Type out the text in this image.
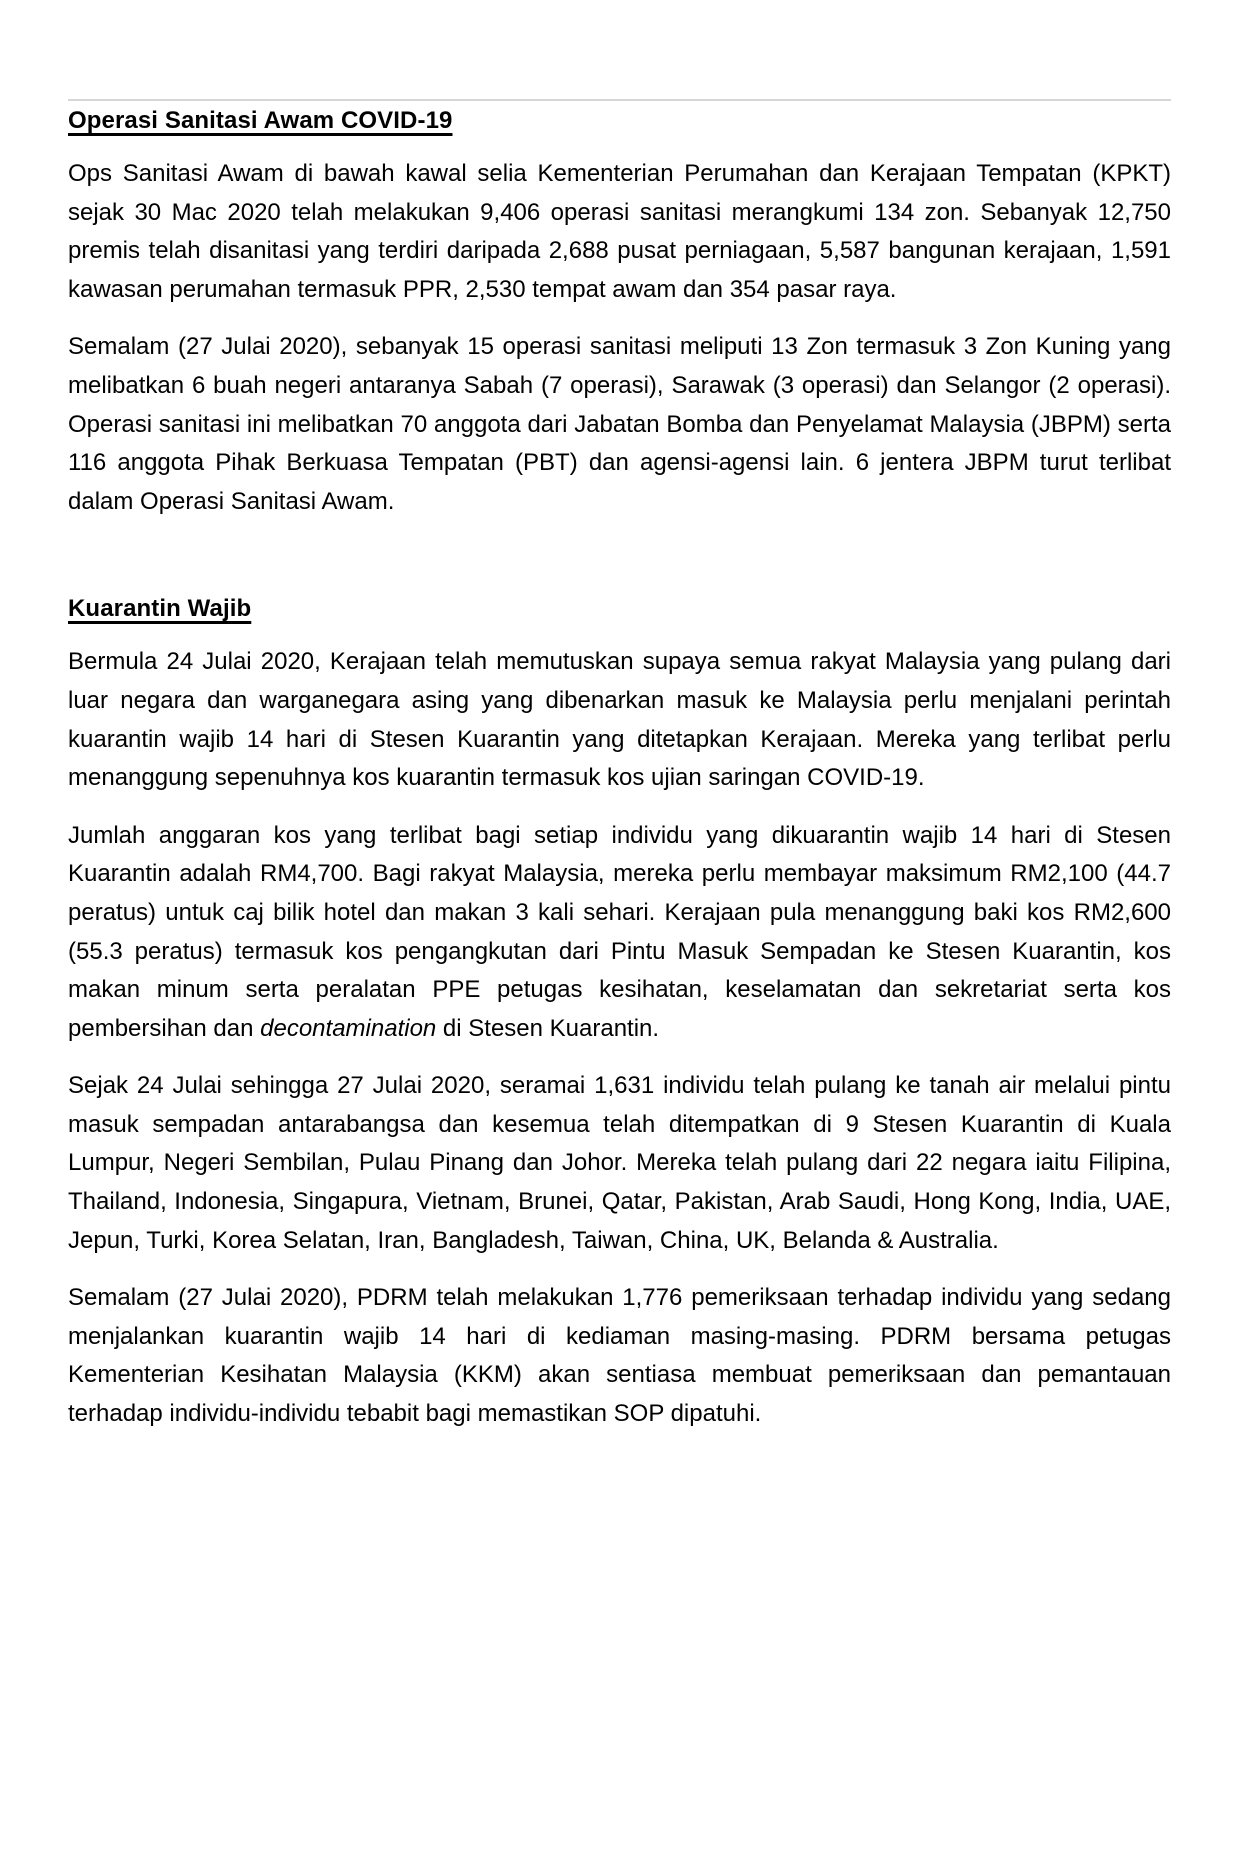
Operasi Sanitasi Awam COVID-19

Ops Sanitasi Awam di bawah kawal selia Kementerian Perumahan dan Kerajaan Tempatan (KPKT) sejak 30 Mac 2020 telah melakukan 9,406 operasi sanitasi merangkumi 134 zon. Sebanyak 12,750 premis telah disanitasi yang terdiri daripada 2,688 pusat perniagaan, 5,587 bangunan kerajaan, 1,591 kawasan perumahan termasuk PPR, 2,530 tempat awam dan 354 pasar raya.

Semalam (27 Julai 2020), sebanyak 15 operasi sanitasi meliputi 13 Zon termasuk 3 Zon Kuning yang melibatkan 6 buah negeri antaranya Sabah (7 operasi), Sarawak (3 operasi) dan Selangor (2 operasi). Operasi sanitasi ini melibatkan 70 anggota dari Jabatan Bomba dan Penyelamat Malaysia (JBPM) serta 116 anggota Pihak Berkuasa Tempatan (PBT) dan agensi-agensi lain. 6 jentera JBPM turut terlibat dalam Operasi Sanitasi Awam.

Kuarantin Wajib

Bermula 24 Julai 2020, Kerajaan telah memutuskan supaya semua rakyat Malaysia yang pulang dari luar negara dan warganegara asing yang dibenarkan masuk ke Malaysia perlu menjalani perintah kuarantin wajib 14 hari di Stesen Kuarantin yang ditetapkan Kerajaan. Mereka yang terlibat perlu menanggung sepenuhnya kos kuarantin termasuk kos ujian saringan COVID-19.

Jumlah anggaran kos yang terlibat bagi setiap individu yang dikuarantin wajib 14 hari di Stesen Kuarantin adalah RM4,700. Bagi rakyat Malaysia, mereka perlu membayar maksimum RM2,100 (44.7 peratus) untuk caj bilik hotel dan makan 3 kali sehari. Kerajaan pula menanggung baki kos RM2,600 (55.3 peratus) termasuk kos pengangkutan dari Pintu Masuk Sempadan ke Stesen Kuarantin, kos makan minum serta peralatan PPE petugas kesihatan, keselamatan dan sekretariat serta kos pembersihan dan decontamination di Stesen Kuarantin.

Sejak 24 Julai sehingga 27 Julai 2020, seramai 1,631 individu telah pulang ke tanah air melalui pintu masuk sempadan antarabangsa dan kesemua telah ditempatkan di 9 Stesen Kuarantin di Kuala Lumpur, Negeri Sembilan, Pulau Pinang dan Johor. Mereka telah pulang dari 22 negara iaitu Filipina, Thailand, Indonesia, Singapura, Vietnam, Brunei, Qatar, Pakistan, Arab Saudi, Hong Kong, India, UAE, Jepun, Turki, Korea Selatan, Iran, Bangladesh, Taiwan, China, UK, Belanda & Australia.

Semalam (27 Julai 2020), PDRM telah melakukan 1,776 pemeriksaan terhadap individu yang sedang menjalankan kuarantin wajib 14 hari di kediaman masing-masing. PDRM bersama petugas Kementerian Kesihatan Malaysia (KKM) akan sentiasa membuat pemeriksaan dan pemantauan terhadap individu-individu tebabit bagi memastikan SOP dipatuhi.
